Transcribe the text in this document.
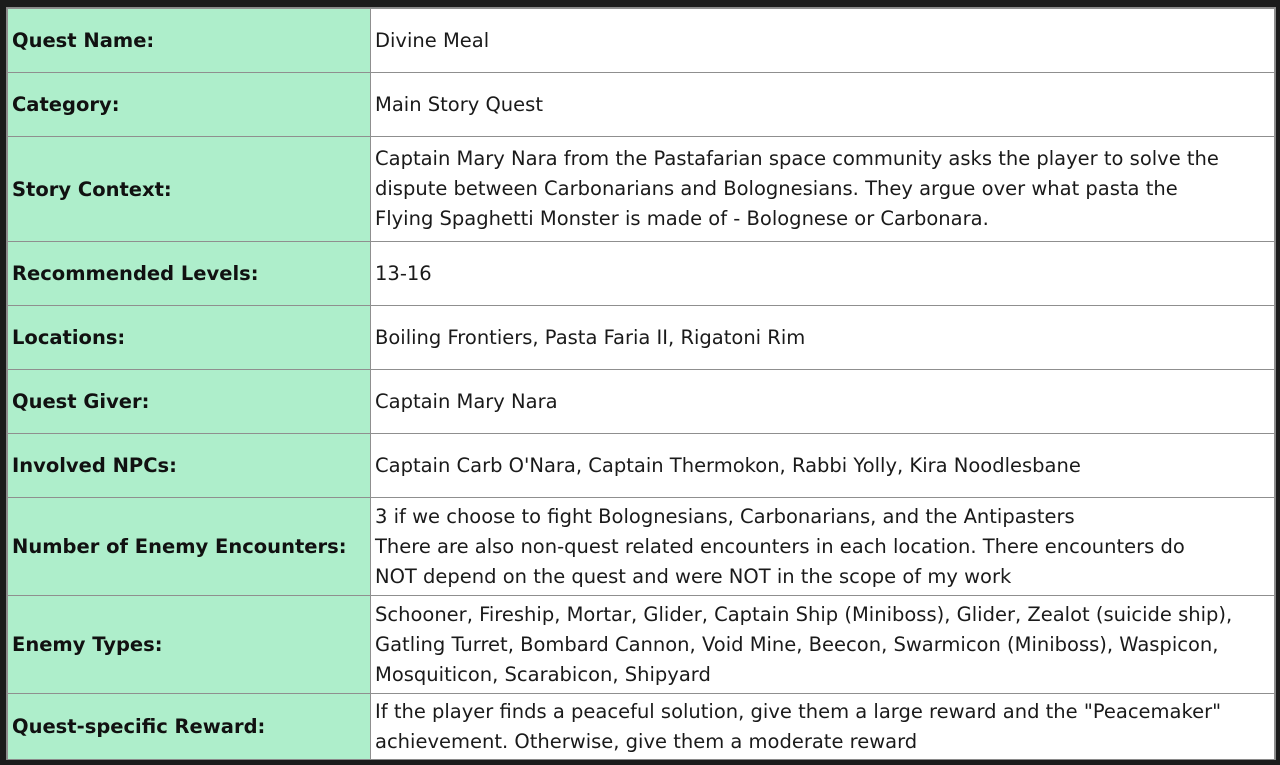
Quest Name:	Divine Meal

Category:	Main Story Quest

Story Context:	Captain Mary Nara from the Pastafarian space community asks the player to solve the
dispute between Carbonarians and Bolognesians. They argue over what pasta the
Flying Spaghetti Monster is made of - Bolognese or Carbonara.

Recommended Levels:	13-16

Locations:	Boiling Frontiers, Pasta Faria II, Rigatoni Rim

Quest Giver:	Captain Mary Nara

Involved NPCs:	Captain Carb O'Nara, Captain Thermokon, Rabbi Yolly, Kira Noodlesbane

Number of Enemy Encounters:	3 if we choose to fight Bolognesians, Carbonarians, and the Antipasters
There are also non-quest related encounters in each location. There encounters do
NOT depend on the quest and were NOT in the scope of my work

Enemy Types:	Schooner, Fireship, Mortar, Glider, Captain Ship (Miniboss), Glider, Zealot (suicide ship),
Gatling Turret, Bombard Cannon, Void Mine, Beecon, Swarmicon (Miniboss), Waspicon,
Mosquiticon, Scarabicon, Shipyard

Quest-specific Reward:	If the player finds a peaceful solution, give them a large reward and the "Peacemaker"
achievement. Otherwise, give them a moderate reward
